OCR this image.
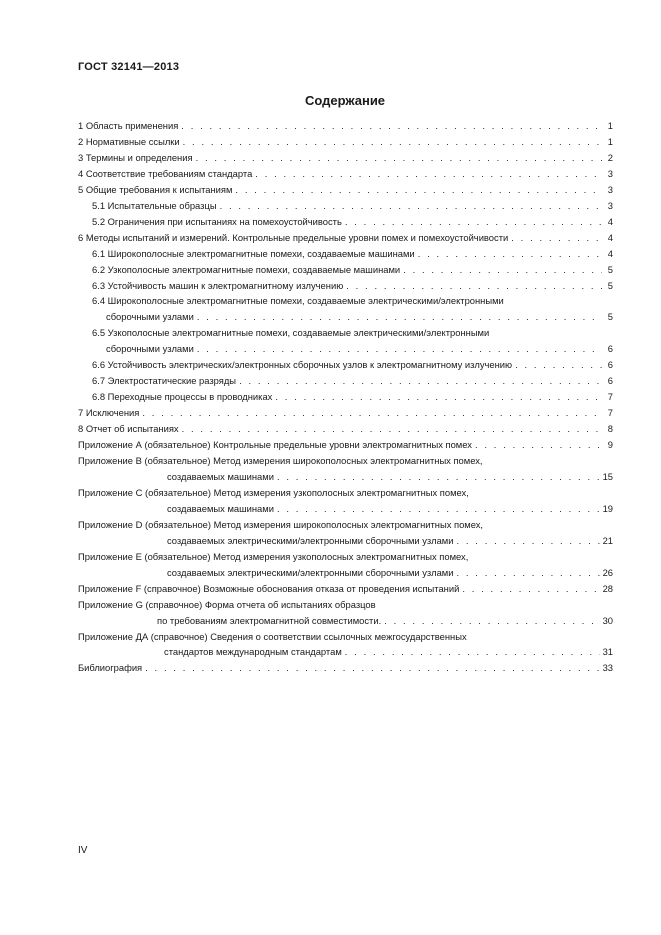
ГОСТ 32141—2013
Содержание
1 Область применения . . .	1
2 Нормативные ссылки . . .	1
3 Термины и определения . . .	2
4 Соответствие требованиям стандарта . . .	3
5 Общие требования к испытаниям . . .	3
5.1 Испытательные образцы . . .	3
5.2 Ограничения при испытаниях на помехоустойчивость . . .	4
6 Методы испытаний и измерений. Контрольные предельные уровни помех и помехоустойчивости . . .	4
6.1 Широкополосные электромагнитные помехи, создаваемые машинами . . .	4
6.2 Узкополосные электромагнитные помехи, создаваемые машинами . . .	5
6.3 Устойчивость машин к электромагнитному излучению . . .	5
6.4 Широкополосные электромагнитные помехи, создаваемые электрическими/электронными
сборочными узлами . . .	5
6.5 Узкополосные электромагнитные помехи, создаваемые электрическими/электронными
сборочными узлами . . .	6
6.6 Устойчивость электрических/электронных сборочных узлов к электромагнитному излучению . . .	6
6.7 Электростатические разряды . . .	6
6.8 Переходные процессы в проводниках . . .	7
7 Исключения . . .	7
8 Отчет об испытаниях . . .	8
Приложение А (обязательное) Контрольные предельные уровни электромагнитных помех . . .	9
Приложение В (обязательное) Метод измерения широкополосных электромагнитных помех,
создаваемых машинами . . .	15
Приложение С (обязательное) Метод измерения узкополосных электромагнитных помех,
создаваемых машинами . . .	19
Приложение D (обязательное) Метод измерения широкополосных электромагнитных помех,
создаваемых электрическими/электронными сборочными узлами . . .	21
Приложение Е (обязательное) Метод измерения узкополосных электромагнитных помех,
создаваемых электрическими/электронными сборочными узлами . . .	26
Приложение F (справочное) Возможные обоснования отказа от проведения испытаний . . .	28
Приложение G (справочное) Форма отчета об испытаниях образцов
по требованиям электромагнитной совместимости. . . .	30
Приложение ДА (справочное) Сведения о соответствии ссылочных межгосударственных
стандартов международным стандартам . . .	31
Библиография . . .	33
IV
